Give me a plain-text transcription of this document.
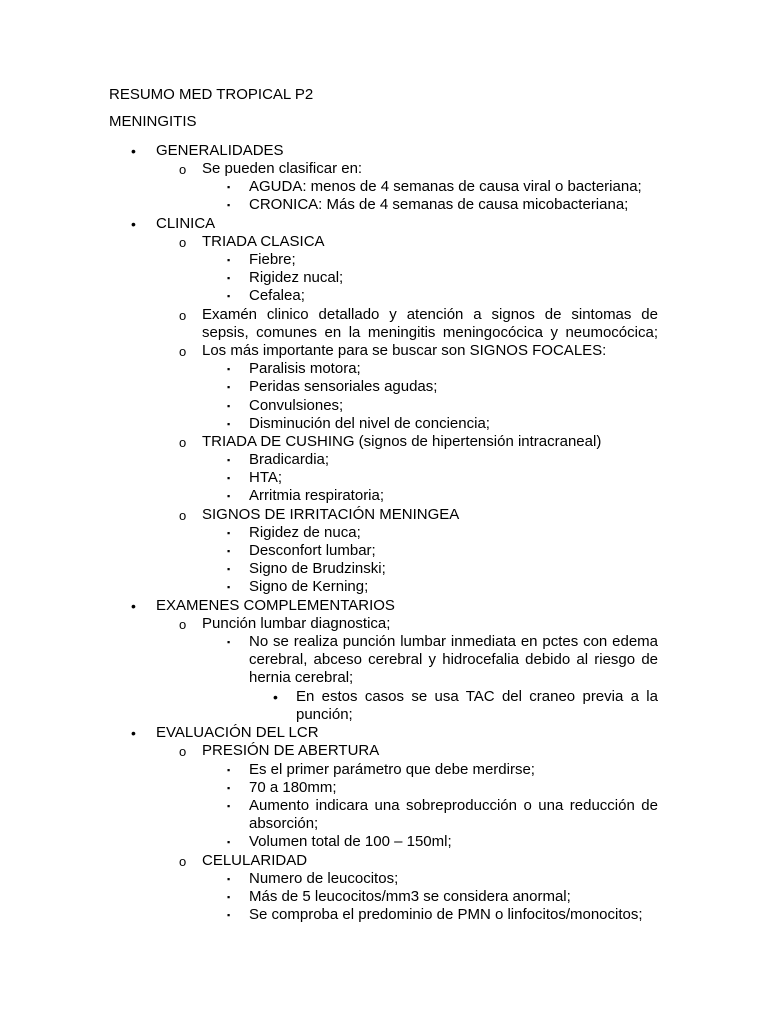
RESUMO MED TROPICAL P2
MENINGITIS
• GENERALIDADES
o Se pueden clasificar en:
▪ AGUDA: menos de 4 semanas de causa viral o bacteriana;
▪ CRONICA: Más de 4 semanas de causa micobacteriana;
• CLINICA
o TRIADA CLASICA
▪ Fiebre;
▪ Rigidez nucal;
▪ Cefalea;
o Examén clinico detallado y atención a signos de sintomas de
sepsis, comunes en la meningitis meningocócica y neumocócica;
o Los más importante para se buscar son SIGNOS FOCALES:
▪ Paralisis motora;
▪ Peridas sensoriales agudas;
▪ Convulsiones;
▪ Disminución del nivel de conciencia;
o TRIADA DE CUSHING (signos de hipertensión intracraneal)
▪ Bradicardia;
▪ HTA;
▪ Arritmia respiratoria;
o SIGNOS DE IRRITACIÓN MENINGEA
▪ Rigidez de nuca;
▪ Desconfort lumbar;
▪ Signo de Brudzinski;
▪ Signo de Kerning;
• EXAMENES COMPLEMENTARIOS
o Punción lumbar diagnostica;
▪ No se realiza punción lumbar inmediata en pctes con edema
cerebral, abceso cerebral y hidrocefalia debido al riesgo de
hernia cerebral;
• En estos casos se usa TAC del craneo previa a la
punción;
• EVALUACIÓN DEL LCR
o PRESIÓN DE ABERTURA
▪ Es el primer parámetro que debe merdirse;
▪ 70 a 180mm;
▪ Aumento indicara una sobreproducción o una reducción de
absorción;
▪ Volumen total de 100 – 150ml;
o CELULARIDAD
▪ Numero de leucocitos;
▪ Más de 5 leucocitos/mm3 se considera anormal;
▪ Se comproba el predominio de PMN o linfocitos/monocitos;
